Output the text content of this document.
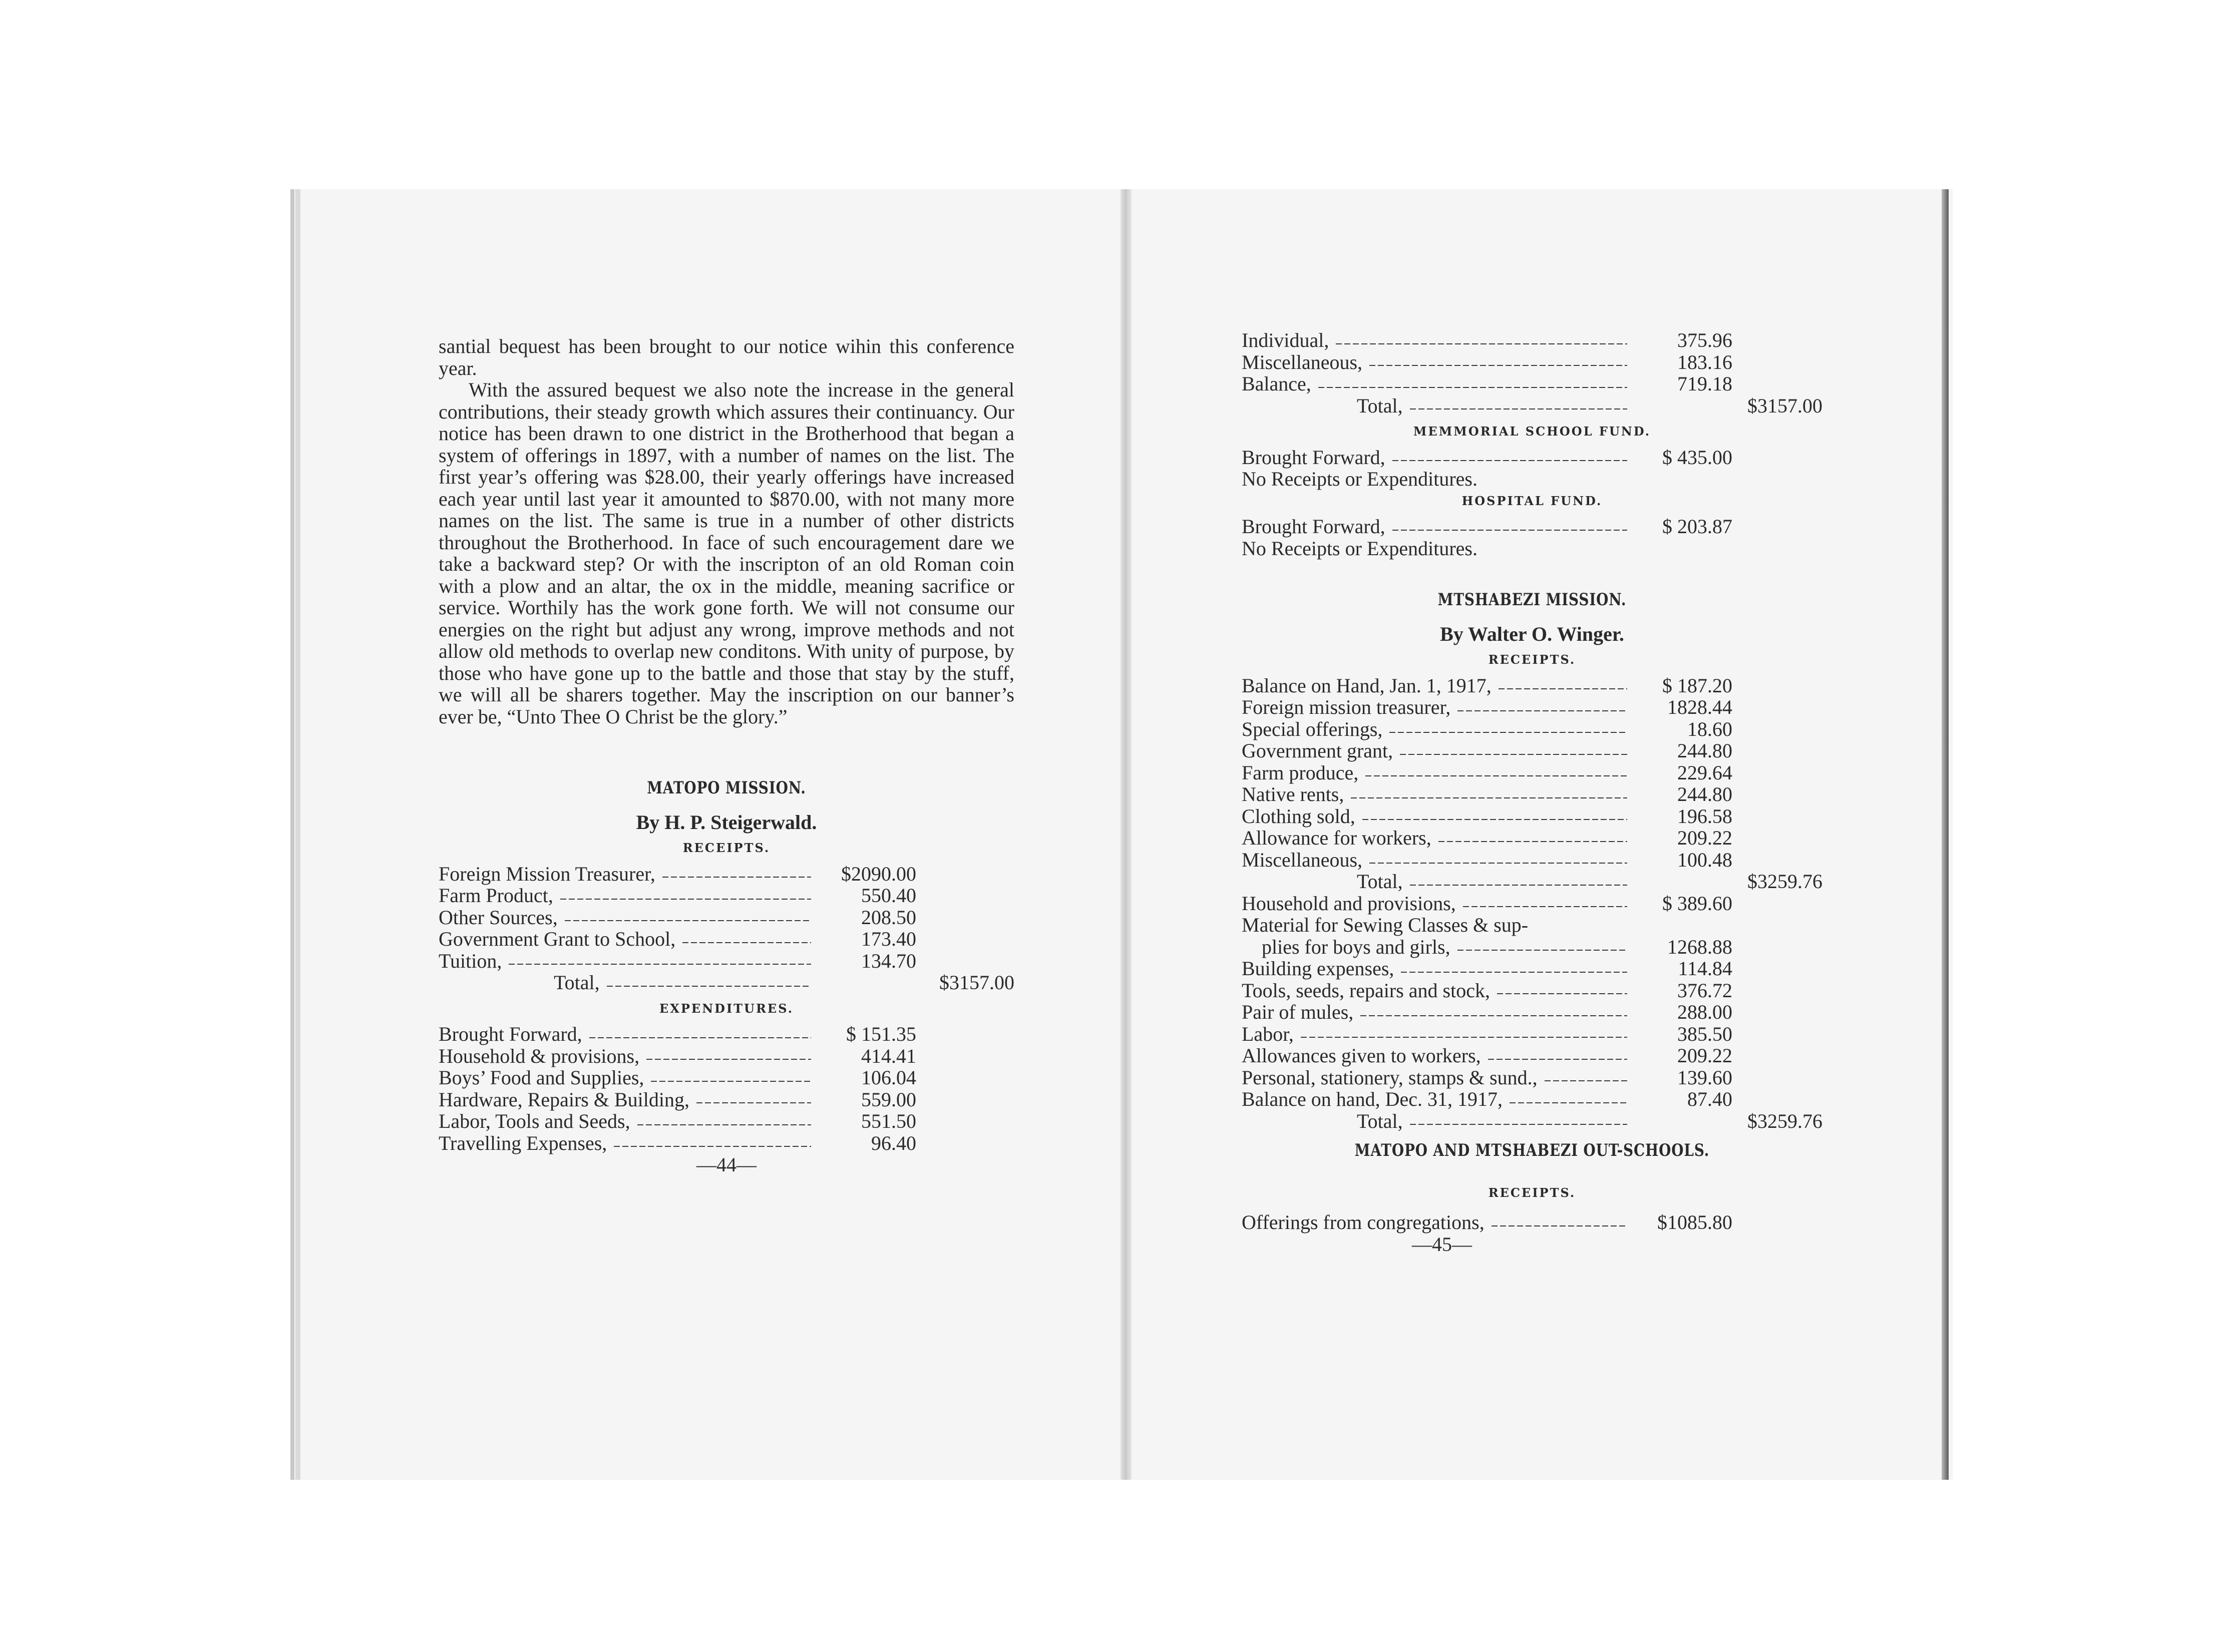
santial bequest has been brought to our notice wihin this conference year.

With the assured bequest we also note the increase in the general contributions, their steady growth which assures their continuancy. Our notice has been drawn to one district in the Brotherhood that began a system of offerings in 1897, with a number of names on the list. The first year’s offering was $28.00, their yearly offerings have increased each year until last year it amounted to $870.00, with not many more names on the list. The same is true in a number of other districts throughout the Brotherhood. In face of such encouragement dare we take a backward step? Or with the inscripton of an old Roman coin with a plow and an altar, the ox in the middle, meaning sacrifice or service. Worthily has the work gone forth. We will not consume our energies on the right but adjust any wrong, improve methods and not allow old methods to overlap new conditons. With unity of purpose, by those who have gone up to the battle and those that stay by the stuff, we will all be sharers together. May the inscription on our banner’s ever be, “Unto Thee O Christ be the glory.”

MATOPO MISSION.
By H. P. Steigerwald.
RECEIPTS.
Foreign Mission Treasurer,	$2090.00
Farm Product,	550.40
Other Sources,	208.50
Government Grant to School,	173.40
Tuition,	134.70
Total,	$3157.00
EXPENDITURES.
Brought Forward,	$ 151.35
Household & provisions,	414.41
Boys’ Food and Supplies,	106.04
Hardware, Repairs & Building,	559.00
Labor, Tools and Seeds,	551.50
Travelling Expenses,	96.40
—44—
Individual,	375.96
Miscellaneous,	183.16
Balance,	719.18
Total,	$3157.00
MEMMORIAL SCHOOL FUND.
Brought Forward,	$ 435.00
No Receipts or Expenditures.
HOSPITAL FUND.
Brought Forward,	$ 203.87
No Receipts or Expenditures.
MTSHABEZI MISSION.
By Walter O. Winger.
RECEIPTS.
Balance on Hand, Jan. 1, 1917,	$ 187.20
Foreign mission treasurer,	1828.44
Special offerings,	18.60
Government grant,	244.80
Farm produce,	229.64
Native rents,	244.80
Clothing sold,	196.58
Allowance for workers,	209.22
Miscellaneous,	100.48
Total,	$3259.76
Household and provisions,	$ 389.60
Material for Sewing Classes & sup-
plies for boys and girls,	1268.88
Building expenses,	114.84
Tools, seeds, repairs and stock,	376.72
Pair of mules,	288.00
Labor,	385.50
Allowances given to workers,	209.22
Personal, stationery, stamps & sund.,	139.60
Balance on hand, Dec. 31, 1917,	87.40
Total,	$3259.76
MATOPO AND MTSHABEZI OUT-SCHOOLS.
RECEIPTS.
Offerings from congregations,	$1085.80
—45—
